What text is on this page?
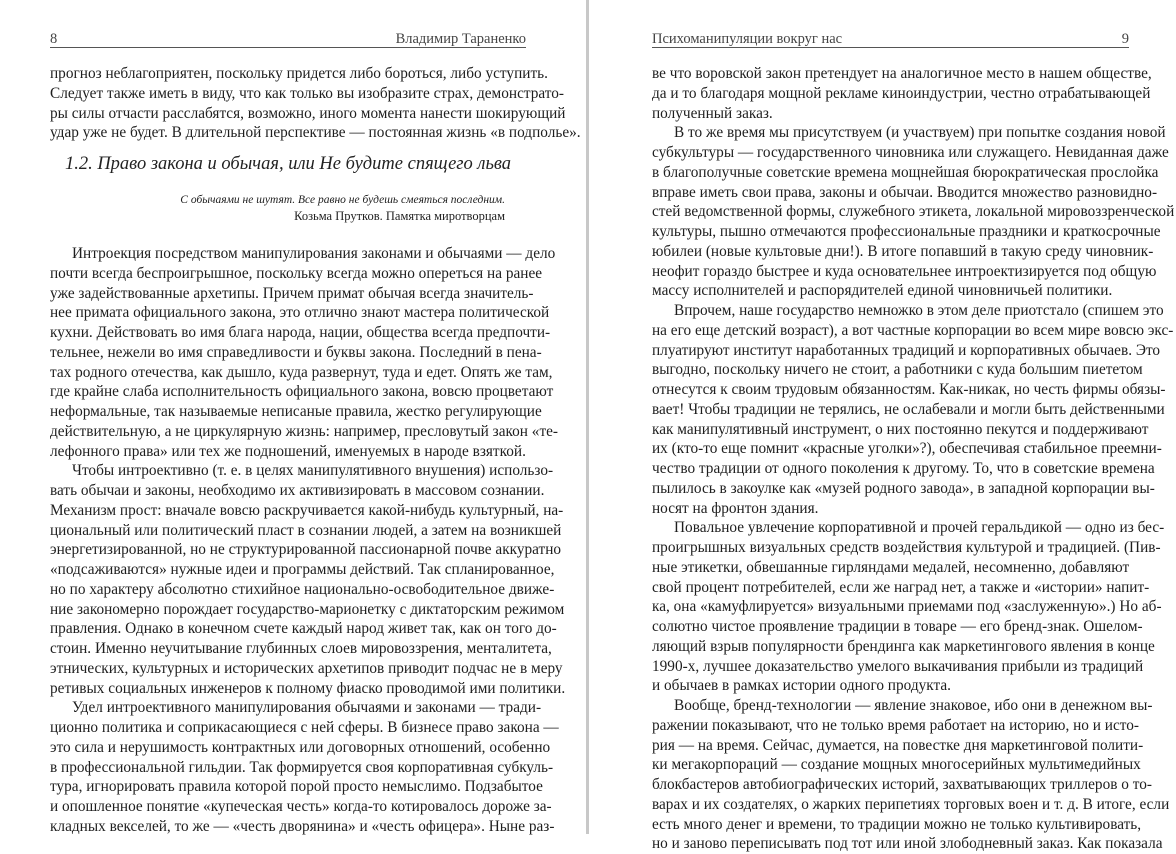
8	Владимир Тараненко
прогноз неблагоприятен, поскольку придется либо бороться, либо уступить.
Следует также иметь в виду, что как только вы изобразите страх, демонстрато-
ры силы отчасти расслабятся, возможно, иного момента нанести шокирующий
удар уже не будет. В длительной перспективе — постоянная жизнь «в подполье».
1.2. Право закона и обычая, или Не будите спящего льва
С обычаями не шутят. Все равно не будешь смеяться последним.
Козьма Прутков. Памятка миротворцам
Интроекция посредством манипулирования законами и обычаями — дело
почти всегда беспроигрышное, поскольку всегда можно опереться на ранее
уже задействованные архетипы. Причем примат обычая всегда значитель-
нее примата официального закона, это отлично знают мастера политической
кухни. Действовать во имя блага народа, нации, общества всегда предпочти-
тельнее, нежели во имя справедливости и буквы закона. Последний в пена-
тах родного отечества, как дышло, куда развернут, туда и едет. Опять же там,
где крайне слаба исполнительность официального закона, вовсю процветают
неформальные, так называемые неписаные правила, жестко регулирующие
действительную, а не циркулярную жизнь: например, пресловутый закон «те-
лефонного права» или тех же подношений, именуемых в народе взяткой.
Чтобы интроективно (т. е. в целях манипулятивного внушения) использо-
вать обычаи и законы, необходимо их активизировать в массовом сознании.
Механизм прост: вначале вовсю раскручивается какой-нибудь культурный, на-
циональный или политический пласт в сознании людей, а затем на возникшей
энергетизированной, но не структурированной пассионарной почве аккуратно
«подсаживаются» нужные идеи и программы действий. Так спланированное,
но по характеру абсолютно стихийное национально-освободительное движе-
ние закономерно порождает государство-марионетку с диктаторским режимом
правления. Однако в конечном счете каждый народ живет так, как он того до-
стоин. Именно неучитывание глубинных слоев мировоззрения, менталитета,
этнических, культурных и исторических архетипов приводит подчас не в меру
ретивых социальных инженеров к полному фиаско проводимой ими политики.
Удел интроективного манипулирования обычаями и законами — тради-
ционно политика и соприкасающиеся с ней сферы. В бизнесе право закона —
это сила и нерушимость контрактных или договорных отношений, особенно
в профессиональной гильдии. Так формируется своя корпоративная субкуль-
тура, игнорировать правила которой порой просто немыслимо. Подзабытое
и опошленное понятие «купеческая честь» когда-то котировалось дороже за-
кладных векселей, то же — «честь дворянина» и «честь офицера». Ныне раз-
Психоманипуляции вокруг нас	9
ве что воровской закон претендует на аналогичное место в нашем обществе,
да и то благодаря мощной рекламе киноиндустрии, честно отрабатывающей
полученный заказ.
В то же время мы присутствуем (и участвуем) при попытке создания новой
субкультуры — государственного чиновника или служащего. Невиданная даже
в благополучные советские времена мощнейшая бюрократическая прослойка
вправе иметь свои права, законы и обычаи. Вводится множество разновидно-
стей ведомственной формы, служебного этикета, локальной мировоззренческой
культуры, пышно отмечаются профессиональные праздники и краткосрочные
юбилеи (новые культовые дни!). В итоге попавший в такую среду чиновник-
неофит гораздо быстрее и куда основательнее интроектизируется под общую
массу исполнителей и распорядителей единой чиновничьей политики.
Впрочем, наше государство немножко в этом деле приотстало (спишем это
на его еще детский возраст), а вот частные корпорации во всем мире вовсю экс-
плуатируют институт наработанных традиций и корпоративных обычаев. Это
выгодно, поскольку ничего не стоит, а работники с куда большим пиететом
отнесутся к своим трудовым обязанностям. Как-никак, но честь фирмы обязы-
вает! Чтобы традиции не терялись, не ослабевали и могли быть действенными
как манипулятивный инструмент, о них постоянно пекутся и поддерживают
их (кто-то еще помнит «красные уголки»?), обеспечивая стабильное преемни-
чество традиции от одного поколения к другому. То, что в советские времена
пылилось в закоулке как «музей родного завода», в западной корпорации вы-
носят на фронтон здания.
Повальное увлечение корпоративной и прочей геральдикой — одно из бес-
проигрышных визуальных средств воздействия культурой и традицией. (Пив-
ные этикетки, обвешанные гирляндами медалей, несомненно, добавляют
свой процент потребителей, если же наград нет, а также и «истории» напит-
ка, она «камуфлируется» визуальными приемами под «заслуженную».) Но аб-
солютно чистое проявление традиции в товаре — его бренд-знак. Ошелом-
ляющий взрыв популярности брендинга как маркетингового явления в конце
1990-х, лучшее доказательство умелого выкачивания прибыли из традиций
и обычаев в рамках истории одного продукта.
Вообще, бренд-технологии — явление знаковое, ибо они в денежном вы-
ражении показывают, что не только время работает на историю, но и исто-
рия — на время. Сейчас, думается, на повестке дня маркетинговой полити-
ки мегакорпораций — создание мощных многосерийных мультимедийных
блокбастеров автобиографических историй, захватывающих триллеров о то-
варах и их создателях, о жарких перипетиях торговых воен и т. д. В итоге, если
есть много денег и времени, то традиции можно не только культивировать,
но и заново переписывать под тот или иной злободневный заказ. Как показала
